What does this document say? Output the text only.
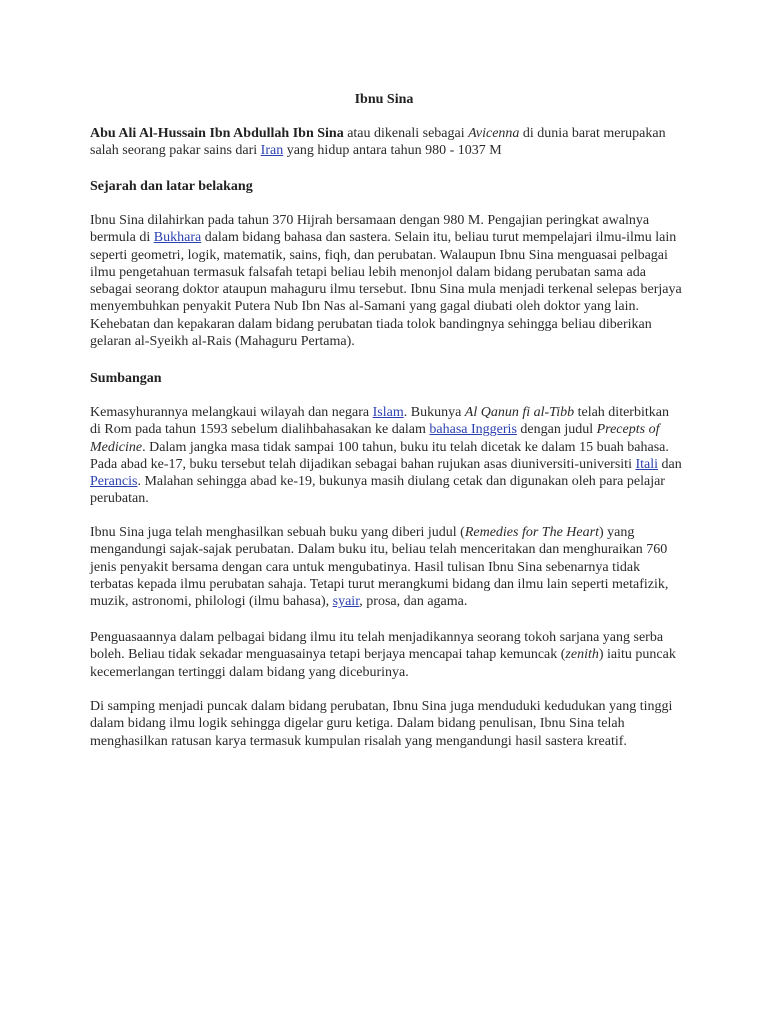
Ibnu Sina

Abu Ali Al-Hussain Ibn Abdullah Ibn Sina atau dikenali sebagai Avicenna di dunia barat merupakan salah seorang pakar sains dari Iran yang hidup antara tahun 980 - 1037 M

Sejarah dan latar belakang

Ibnu Sina dilahirkan pada tahun 370 Hijrah bersamaan dengan 980 M. Pengajian peringkat awalnya bermula di Bukhara dalam bidang bahasa dan sastera. Selain itu, beliau turut mempelajari ilmu-ilmu lain seperti geometri, logik, matematik, sains, fiqh, dan perubatan. Walaupun Ibnu Sina menguasai pelbagai ilmu pengetahuan termasuk falsafah tetapi beliau lebih menonjol dalam bidang perubatan sama ada sebagai seorang doktor ataupun mahaguru ilmu tersebut. Ibnu Sina mula menjadi terkenal selepas berjaya menyembuhkan penyakit Putera Nub Ibn Nas al-Samani yang gagal diubati oleh doktor yang lain. Kehebatan dan kepakaran dalam bidang perubatan tiada tolok bandingnya sehingga beliau diberikan gelaran al-Syeikh al-Rais (Mahaguru Pertama).

Sumbangan

Kemasyhurannya melangkaui wilayah dan negara Islam. Bukunya Al Qanun fi al-Tibb telah diterbitkan di Rom pada tahun 1593 sebelum dialihbahasakan ke dalam bahasa Inggeris dengan judul Precepts of Medicine. Dalam jangka masa tidak sampai 100 tahun, buku itu telah dicetak ke dalam 15 buah bahasa. Pada abad ke-17, buku tersebut telah dijadikan sebagai bahan rujukan asas diuniversiti-universiti Itali dan Perancis. Malahan sehingga abad ke-19, bukunya masih diulang cetak dan digunakan oleh para pelajar perubatan.

Ibnu Sina juga telah menghasilkan sebuah buku yang diberi judul (Remedies for The Heart) yang mengandungi sajak-sajak perubatan. Dalam buku itu, beliau telah menceritakan dan menghuraikan 760 jenis penyakit bersama dengan cara untuk mengubatinya. Hasil tulisan Ibnu Sina sebenarnya tidak terbatas kepada ilmu perubatan sahaja. Tetapi turut merangkumi bidang dan ilmu lain seperti metafizik, muzik, astronomi, philologi (ilmu bahasa), syair, prosa, dan agama.

Penguasaannya dalam pelbagai bidang ilmu itu telah menjadikannya seorang tokoh sarjana yang serba boleh. Beliau tidak sekadar menguasainya tetapi berjaya mencapai tahap kemuncak (zenith) iaitu puncak kecemerlangan tertinggi dalam bidang yang diceburinya.

Di samping menjadi puncak dalam bidang perubatan, Ibnu Sina juga menduduki kedudukan yang tinggi dalam bidang ilmu logik sehingga digelar guru ketiga. Dalam bidang penulisan, Ibnu Sina telah menghasilkan ratusan karya termasuk kumpulan risalah yang mengandungi hasil sastera kreatif.
